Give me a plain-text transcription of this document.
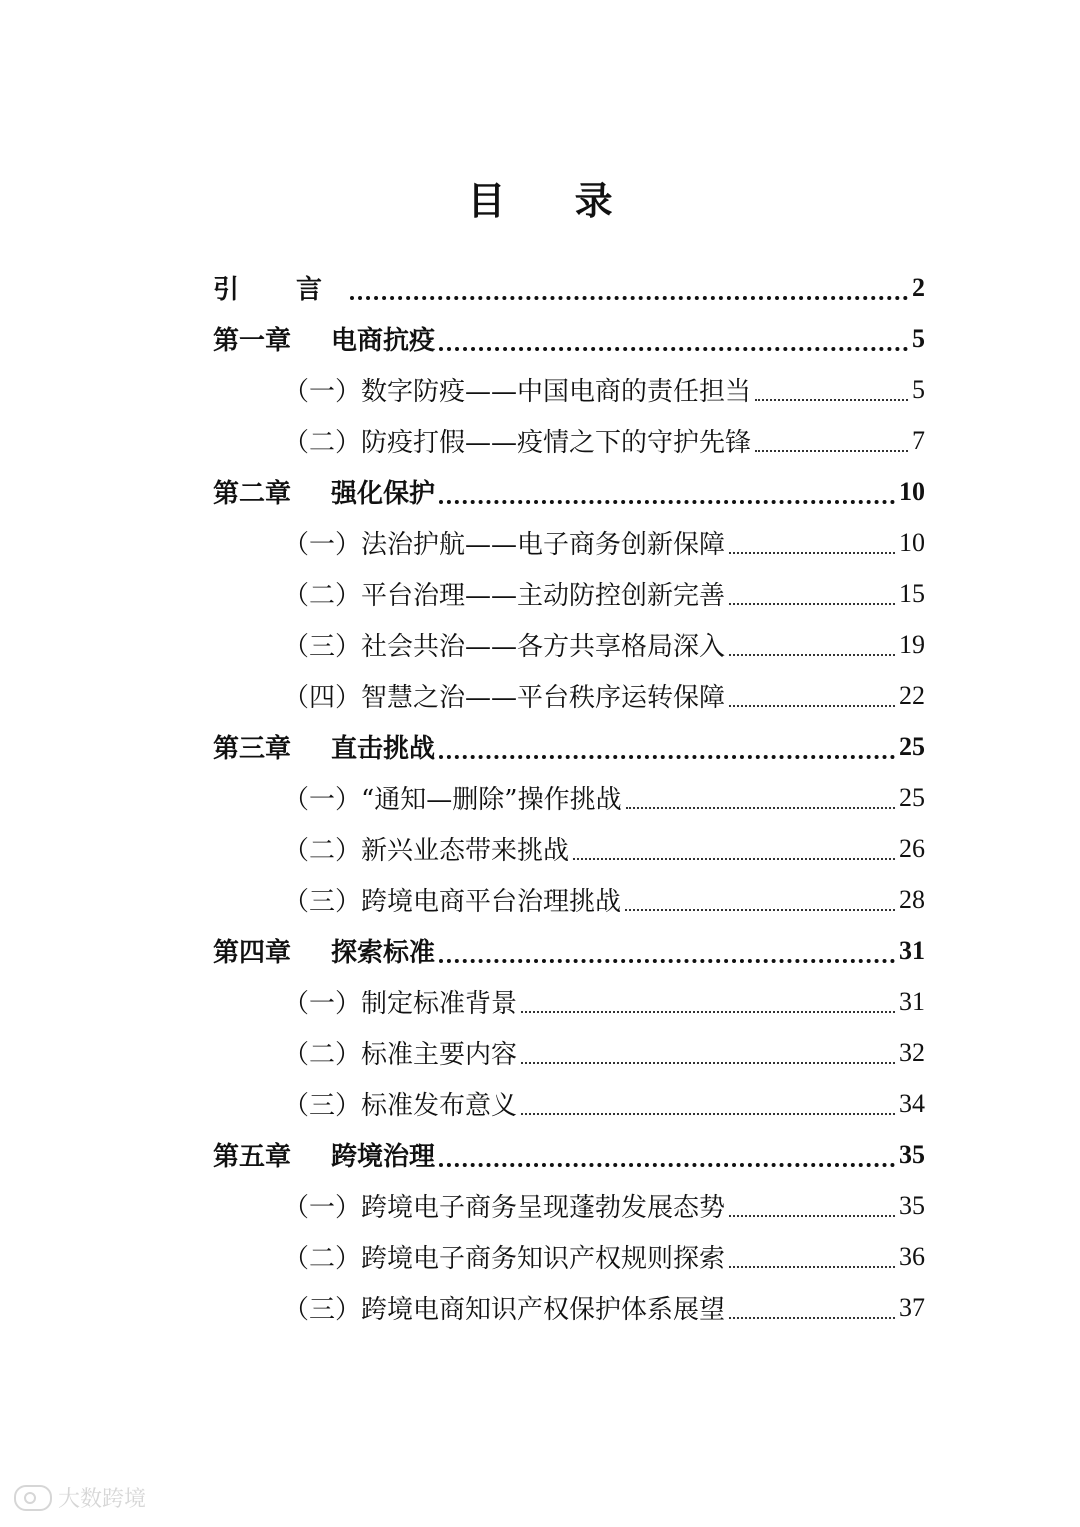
目 录
引 言	2
第一章 电商抗疫	5
（一）数字防疫——中国电商的责任担当	5
（二）防疫打假——疫情之下的守护先锋	7
第二章 强化保护	10
（一）法治护航——电子商务创新保障	10
（二）平台治理——主动防控创新完善	15
（三）社会共治——各方共享格局深入	19
（四）智慧之治——平台秩序运转保障	22
第三章 直击挑战	25
（一）“通知—删除”操作挑战	25
（二）新兴业态带来挑战	26
（三）跨境电商平台治理挑战	28
第四章 探索标准	31
（一）制定标准背景	31
（二）标准主要内容	32
（三）标准发布意义	34
第五章 跨境治理	35
（一）跨境电子商务呈现蓬勃发展态势	35
（二）跨境电子商务知识产权规则探索	36
（三）跨境电商知识产权保护体系展望	37
大数跨境
